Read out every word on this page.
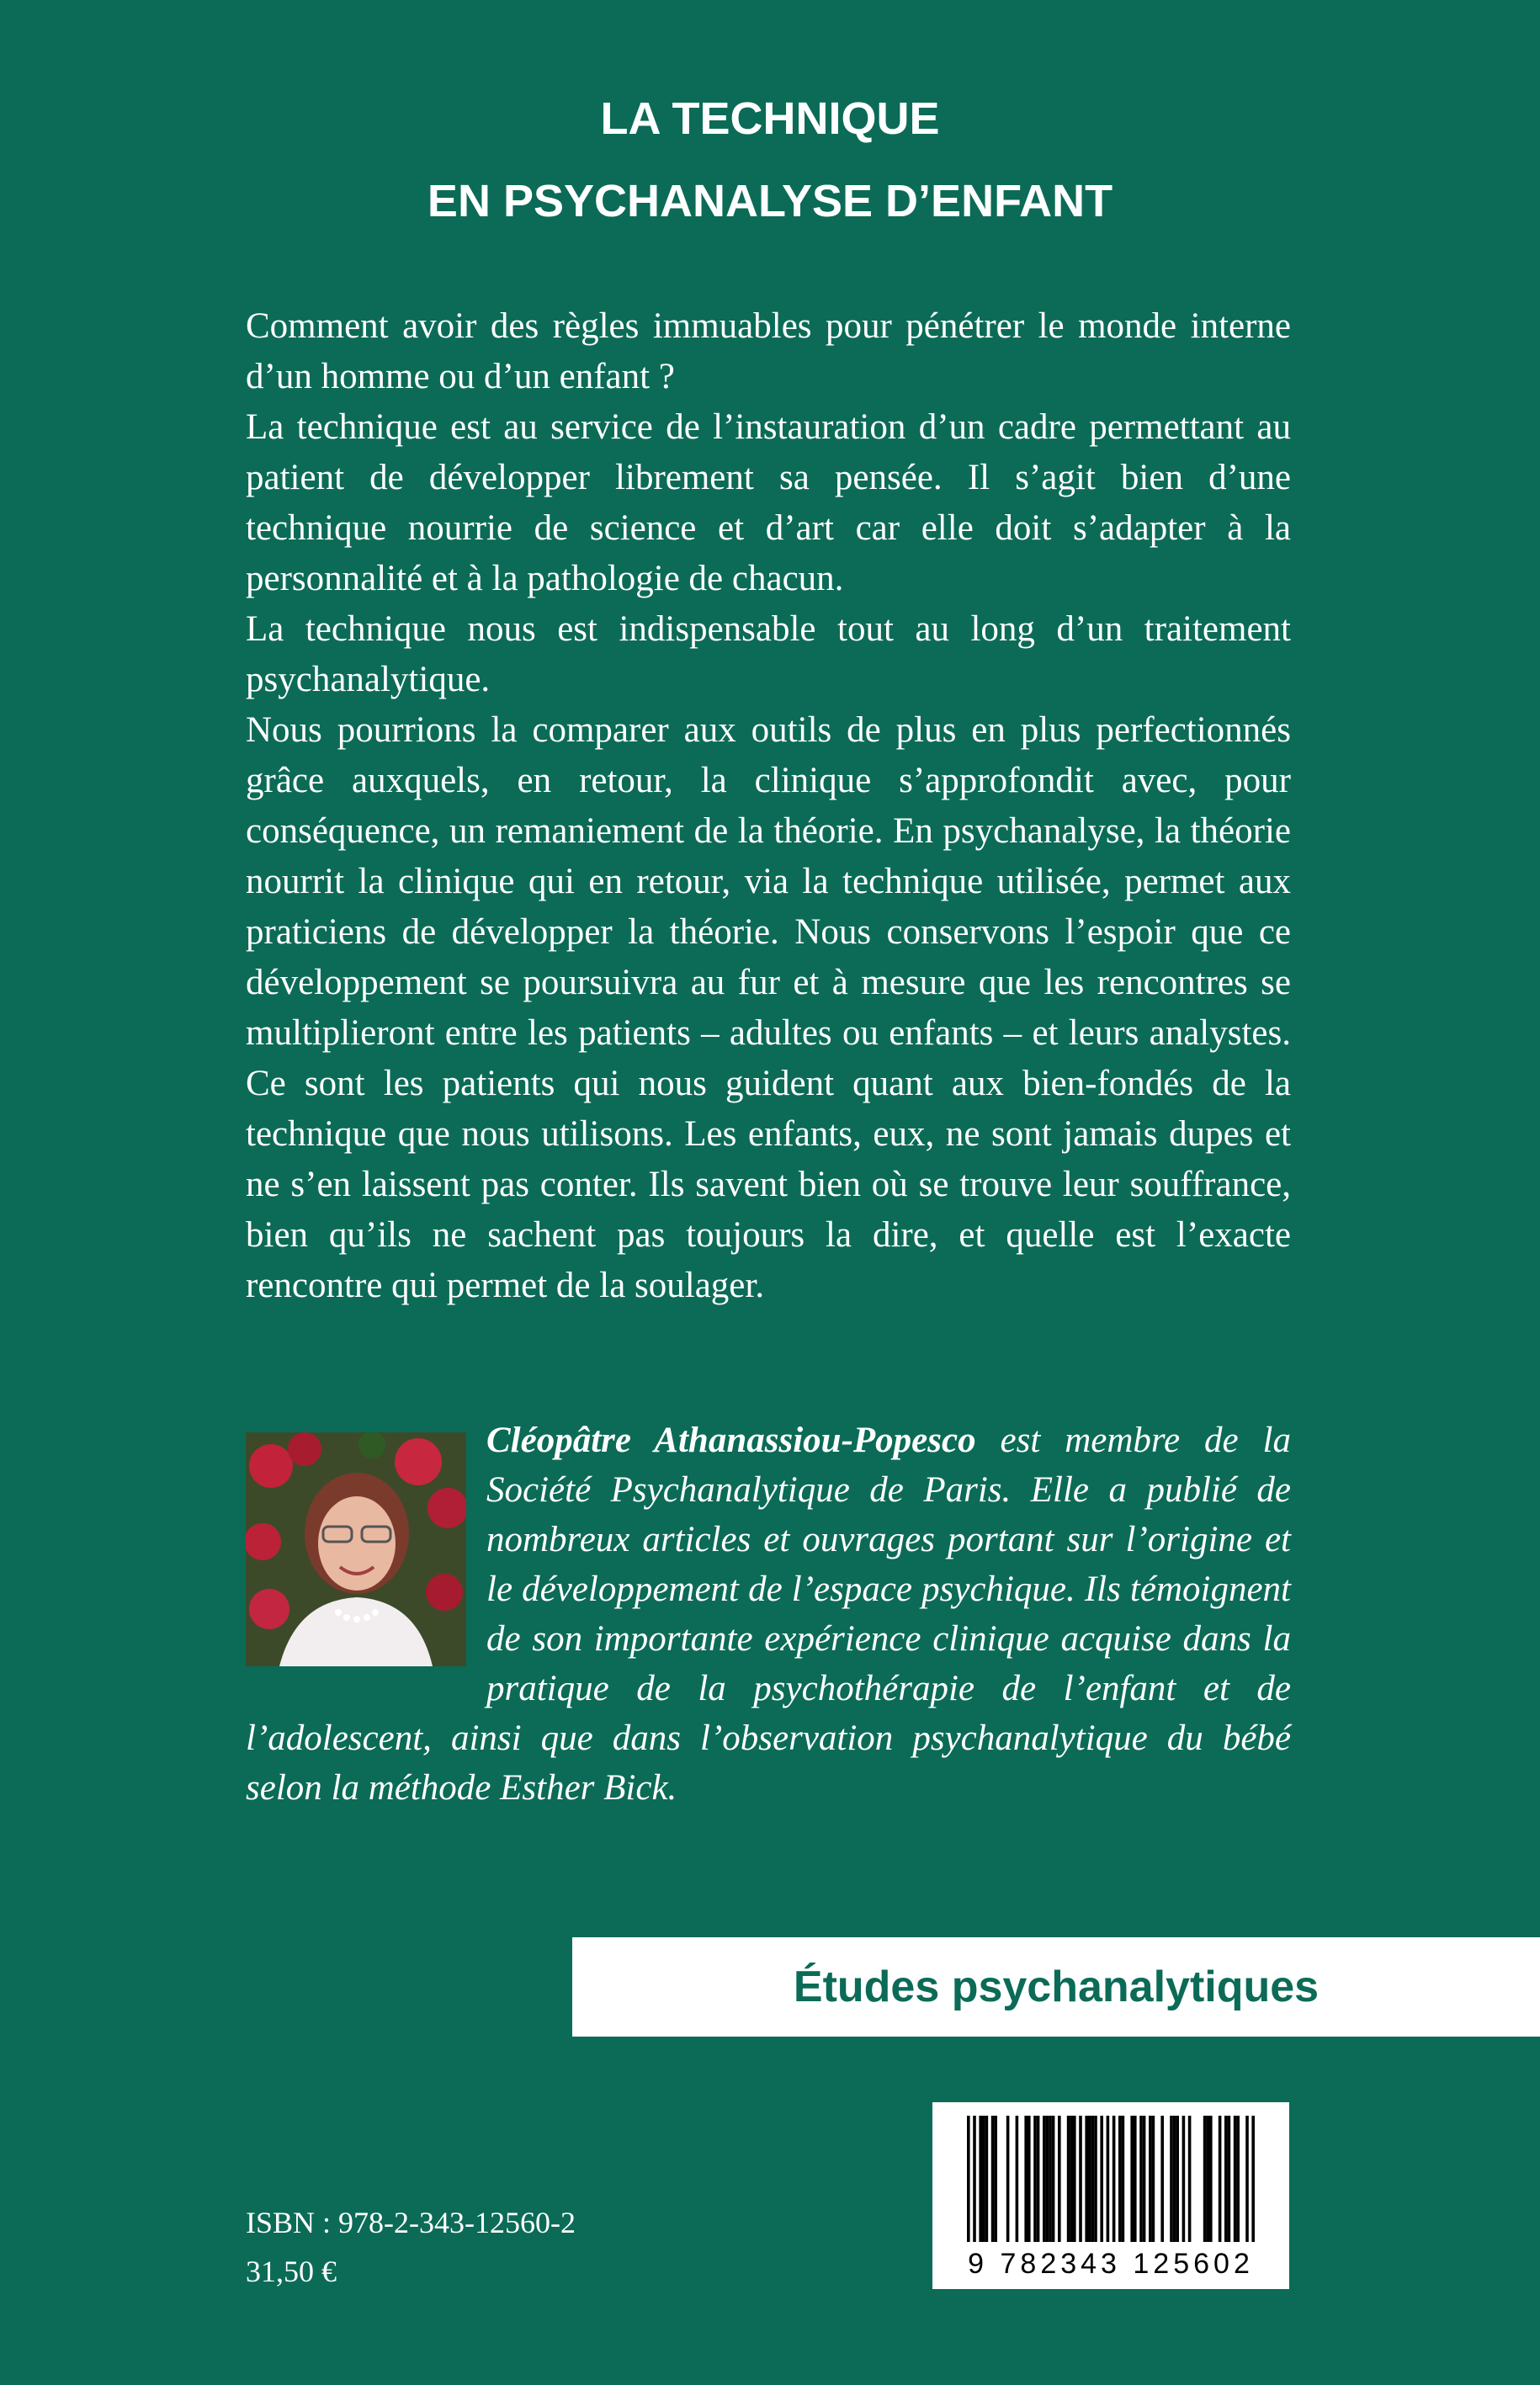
LA TECHNIQUE
EN PSYCHANALYSE D’ENFANT

Comment avoir des règles immuables pour pénétrer le monde interne d’un homme ou d’un enfant ?

La technique est au service de l’instauration d’un cadre permettant au patient de développer librement sa pensée. Il s’agit bien d’une technique nourrie de science et d’art car elle doit s’adapter à la personnalité et à la pathologie de chacun.

La technique nous est indispensable tout au long d’un traitement psychanalytique.

Nous pourrions la comparer aux outils de plus en plus perfectionnés grâce auxquels, en retour, la clinique s’approfondit avec, pour conséquence, un remaniement de la théorie. En psychanalyse, la théorie nourrit la clinique qui en retour, via la technique utilisée, permet aux praticiens de développer la théorie. Nous conservons l’espoir que ce développement se poursuivra au fur et à mesure que les rencontres se multiplieront entre les patients – adultes ou enfants – et leurs analystes. Ce sont les patients qui nous guident quant aux bien-fondés de la technique que nous utilisons. Les enfants, eux, ne sont jamais dupes et ne s’en laissent pas conter. Ils savent bien où se trouve leur souffrance, bien qu’ils ne sachent pas toujours la dire, et quelle est l’exacte rencontre qui permet de la soulager.

Cléopâtre Athanassiou-Popesco est membre de la Société Psychanalytique de Paris. Elle a publié de nombreux articles et ouvrages portant sur l’origine et le développement de l’espace psychique. Ils témoignent de son importante expérience clinique acquise dans la pratique de la psychothérapie de l’enfant et de l’adolescent, ainsi que dans l’observation psychanalytique du bébé selon la méthode Esther Bick.

Études psychanalytiques
9 782343 125602
ISBN : 978-2-343-12560-2
31,50 €
